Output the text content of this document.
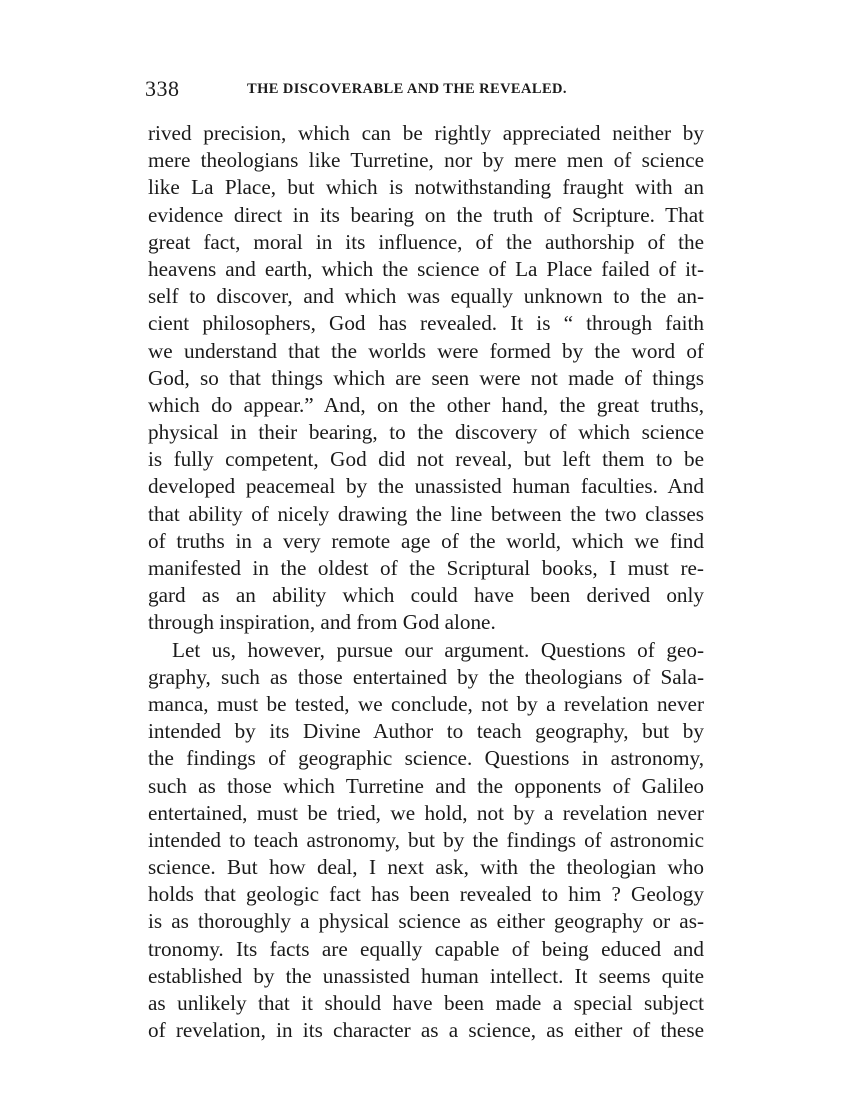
338	THE DISCOVERABLE AND THE REVEALED.
rived precision, which can be rightly appreciated neither by
mere theologians like Turretine, nor by mere men of science
like La Place, but which is notwithstanding fraught with an
evidence direct in its bearing on the truth of Scripture. That
great fact, moral in its influence, of the authorship of the
heavens and earth, which the science of La Place failed of it-
self to discover, and which was equally unknown to the an-
cient philosophers, God has revealed. It is “ through faith
we understand that the worlds were formed by the word of
God, so that things which are seen were not made of things
which do appear.” And, on the other hand, the great truths,
physical in their bearing, to the discovery of which science
is fully competent, God did not reveal, but left them to be
developed peacemeal by the unassisted human faculties. And
that ability of nicely drawing the line between the two classes
of truths in a very remote age of the world, which we find
manifested in the oldest of the Scriptural books, I must re-
gard as an ability which could have been derived only
through inspiration, and from God alone.
Let us, however, pursue our argument. Questions of geo-
graphy, such as those entertained by the theologians of Sala-
manca, must be tested, we conclude, not by a revelation never
intended by its Divine Author to teach geography, but by
the findings of geographic science. Questions in astronomy,
such as those which Turretine and the opponents of Galileo
entertained, must be tried, we hold, not by a revelation never
intended to teach astronomy, but by the findings of astronomic
science. But how deal, I next ask, with the theologian who
holds that geologic fact has been revealed to him ? Geology
is as thoroughly a physical science as either geography or as-
tronomy. Its facts are equally capable of being educed and
established by the unassisted human intellect. It seems quite
as unlikely that it should have been made a special subject
of revelation, in its character as a science, as either of these
